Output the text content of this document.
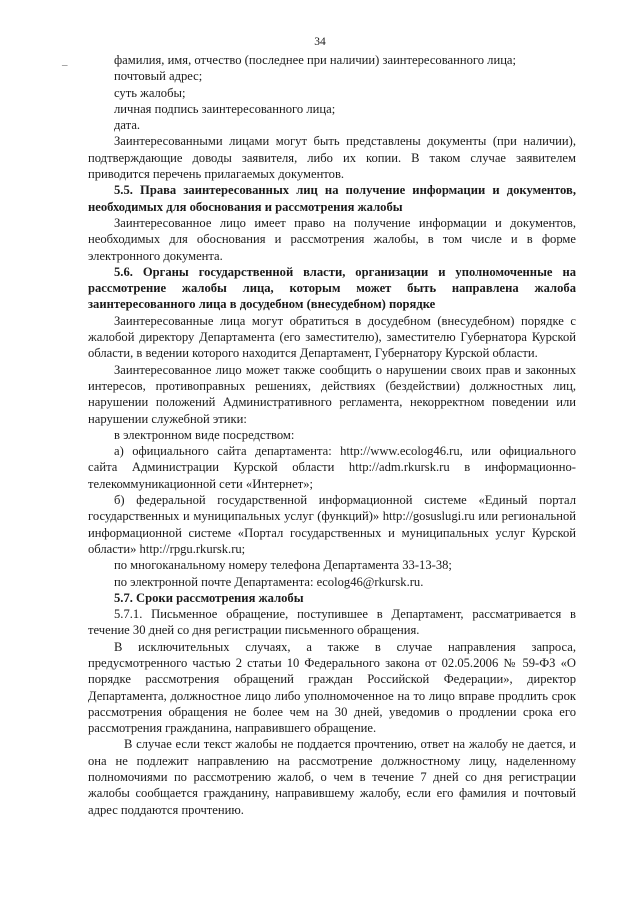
34
–	фамилия, имя, отчество (последнее при наличии) заинтересованного лица;

почтовый адрес;

суть жалобы;

личная подпись заинтересованного лица;

дата.

Заинтересованными лицами могут быть представлены документы (при наличии), подтверждающие доводы заявителя, либо их копии. В таком случае заявителем приводится перечень прилагаемых документов.

5.5. Права заинтересованных лиц на получение информации и документов, необходимых для обоснования и рассмотрения жалобы

Заинтересованное лицо имеет право на получение информации и документов, необходимых для обоснования и рассмотрения жалобы, в том числе и в форме электронного документа.

5.6. Органы государственной власти, организации и уполномоченные на рассмотрение жалобы лица, которым может быть направлена жалоба заинтересованного лица в досудебном (внесудебном) порядке

Заинтересованные лица могут обратиться в досудебном (внесудебном) порядке с жалобой директору Департамента (его заместителю), заместителю Губернатора Курской области, в ведении которого находится Департамент, Губернатору Курской области.

Заинтересованное лицо может также сообщить о нарушении своих прав и законных интересов, противоправных решениях, действиях (бездействии) должностных лиц, нарушении положений Административного регламента, некорректном поведении или нарушении служебной этики:

в электронном виде посредством:

а) официального сайта департамента: http://www.ecolog46.ru, или официального сайта Администрации Курской области http://adm.rkursk.ru в информационно-телекоммуникационной сети «Интернет»;

б) федеральной государственной информационной системе «Единый портал государственных и муниципальных услуг (функций)» http://gosuslugi.ru или региональной информационной системе «Портал государственных и муниципальных услуг Курской области» http://rpgu.rkursk.ru;

по многоканальному номеру телефона Департамента 33-13-38;

по электронной почте Департамента: ecolog46@rkursk.ru.

5.7. Сроки рассмотрения жалобы

5.7.1. Письменное обращение, поступившее в Департамент, рассматривается в течение 30 дней со дня регистрации письменного обращения.

В исключительных случаях, а также в случае направления запроса, предусмотренного частью 2 статьи 10 Федерального закона от 02.05.2006 № 59-ФЗ «О порядке рассмотрения обращений граждан Российской Федерации», директор Департамента, должностное лицо либо уполномоченное на то лицо вправе продлить срок рассмотрения обращения не более чем на 30 дней, уведомив о продлении срока его рассмотрения гражданина, направившего обращение.

В случае если текст жалобы не поддается прочтению, ответ на жалобу не дается, и она не подлежит направлению на рассмотрение должностному лицу, наделенному полномочиями по рассмотрению жалоб, о чем в течение 7 дней со дня регистрации жалобы сообщается гражданину, направившему жалобу, если его фамилия и почтовый адрес поддаются прочтению.
